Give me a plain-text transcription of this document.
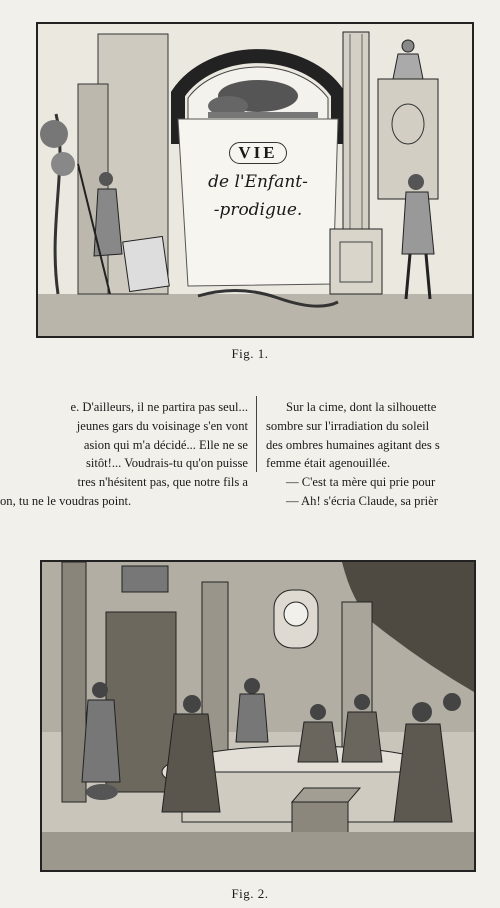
VIE
de l'Enfant-
-prodigue.
Fig. 1.
e. D'ailleurs, il ne partira pas seul...
jeunes gars du voisinage s'en vont
asion qui m'a décidé... Elle ne se
sitôt!... Voudrais-tu qu'on puisse
tres n'hésitent pas, que notre fils a
on, tu ne le voudras point.
Sur la cime, dont la silhouette
sombre sur l'irradiation du soleil
des ombres humaines agitant des s
femme était agenouillée.
— C'est ta mère qui prie pour
— Ah! s'écria Claude, sa prièr
Fig. 2.
